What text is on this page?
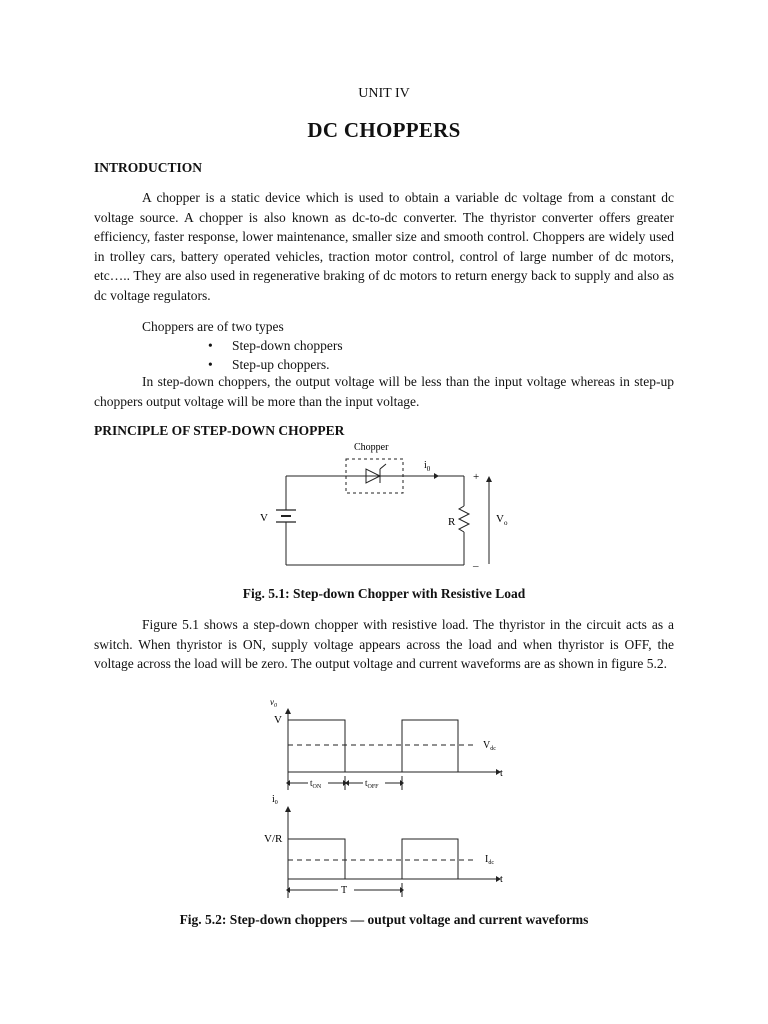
UNIT IV
DC CHOPPERS
INTRODUCTION

A chopper is a static device which is used to obtain a variable dc voltage from a constant dc voltage source. A chopper is also known as dc-to-dc converter. The thyristor converter offers greater efficiency, faster response, lower maintenance, smaller size and smooth control. Choppers are widely used in trolley cars, battery operated vehicles, traction motor control, control of large number of dc motors, etc….. They are also used in regenerative braking of dc motors to return energy back to supply and also as dc voltage regulators.

Choppers are of two types

• Step-down choppers
• Step-up choppers.

In step-down choppers, the output voltage will be less than the input voltage whereas in step-up choppers output voltage will be more than the input voltage.

PRINCIPLE OF STEP-DOWN CHOPPER
Chopper
$i_0$
V	R
+
–
$V_o$
Fig. 5.1: Step-down Chopper with Resistive Load

Figure 5.1 shows a step-down chopper with resistive load. The thyristor in the circuit acts as a switch. When thyristor is ON, supply voltage appears across the load and when thyristor is OFF, the voltage across the load will be zero. The output voltage and current waveforms are as shown in figure 5.2.

$v_0$
t
V
$V_{dc}$
$t_{ON}$	$t_{OFF}$
$i_0$
t
V/R
$I_{dc}$
T
Fig. 5.2: Step-down choppers — output voltage and current waveforms
